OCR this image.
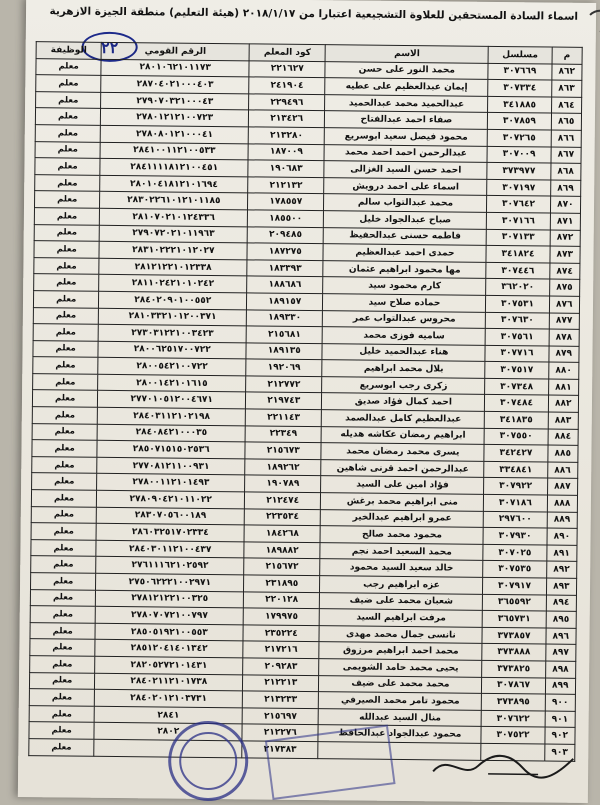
اسماء السادة المستحقين للعلاوة التشجيعية اعتبارا من ٢٠١٨/١/١٧ (هيئة التعليم) منطقة الجيزة الازهرية
٢٢	م	مسلسل	الاسم	كود المعلم	الرقم القومي	الوظيفة
٨٦٢	٣٠٧٦٦٩	محمد النور على حسن	٢٢١٦٢٧	٢٨٠١٠٦٢١٠١١٧٣	معلم
٨٦٣	٣٠٧٣٣٤	إيمان عبدالعظيم على عطيه	٢٤١٩٠٤	٢٨٧٠٤٠٢١٠٠٠٤٠٣	معلم
٨٦٤	٣٤١٨٨٥	عبدالحميد محمد عبدالحميد	٢٢٩٤٩٦	٢٧٩٠٧٠٣٢١٠٠٠٤٣	معلم
٨٦٥	٣٠٧٨٥٩	صفاء احمد عبدالفتاح	٢١٣٤٢٦	٢٧٨٠١٢١٢١٠٠٧٢٣	معلم
٨٦٦	٣٠٧٢٦٥	محمود فيصل سعيد ابوسريع	٢١٣٢٨٠	٢٧٨٠٨٠١٢١٠٠٠٤١	معلم
٨٦٧	٣٠٧٠٠٩	عبدالرحمن احمد احمد محمد	١٨٧٠٠٩	٢٨٤١٠٠١١٢١٠٠٥٣٣	معلم
٨٦٨	٣٧٣٩٧٧	احمد حسن السيد الغزالى	١٩٠٦٨٣	٢٨٤١١١١٨١٢١٠٠٤٥١	معلم
٨٦٩	٣٠٧١٩٧	اسماء على احمد درويش	٢١٢١٣٢	٢٨٠١٠٤١٨١٢١٠١٦٩٤	معلم
٨٧٠	٣٠٧٦٤٢	محمد عبدالتواب سالم	١٧٨٥٥٧	٢٨٣٠٢٢٦١٠١٢١٠١١٨٥	معلم
٨٧١	٣٠٧١٦٦	صباح عبدالجواد خليل	١٨٥٥٠٠	٢٨١٠٧٠٢١٠١٢٤٣٣٦	معلم
٨٧٢	٣٠٧١٣٣	فاطمه حسنى عبدالحفيظ	٢٠٩٤٨٥	٢٧٩٠٧٢٠٢١٠١١٩٦٣	معلم
٨٧٣	٣٤١٨٢٤	حمدى احمد عبدالعظيم	١٨٧٢٧٥	٢٨٣١٠٢٢٢١٠١٢٠٢٧	معلم
٨٧٤	٣٠٧٤٤٦	مها محمود ابراهيم عثمان	١٨٣٣٩٣	٢٨١٢١٢٢١٠١٢٣٣٨	معلم
٨٧٥	٣٦٢٠٢٠	كارم محمود سيد	١٨٨٦٨٦	٢٨١١٠٢٤٢١٠١٠٢٤٢	معلم
٨٧٦	٣٠٧٥٣١	حماده صلاح سيد	١٨٩١٥٧	٢٨٤٠٢٠٩٠١٠٠٥٥٢	معلم
٨٧٧	٣٠٧٦٣٠	محروس عبدالتواب عمر	١٨٩٣٣٠	٢٨١٠٣٣٢١٠١٢٠٠٣٧١	معلم
٨٧٨	٣٠٧٥٦١	ساميه فوزى محمد	٢١٥٦٨١	٢٧٣٠٣١٢٢١٠٠٣٤٢٣	معلم
٨٧٩	٣٠٧٧١٦	هناء عبدالحميد خليل	١٨٩١٣٥	٢٨٠٠٦٢٥١٧٠٠٧٢٢	معلم
٨٨٠	٣٠٧٥١٧	بلال محمد ابراهيم	١٩٢٠٦٩	٢٨٠٠٥٤٢١٠٠٧٢٢	معلم
٨٨١	٣٠٧٣٤٨	زكرى رجب ابوسريع	٢١٢٧٧٢	٢٨٠٠١٤٢١٠١٦١٥	معلم
٨٨٢	٣٠٧٤٨٤	احمد كمال فؤاد صديق	٢١٩٧٤٣	٢٧٧٠١٠٥١٢٠٠٤٦٧١	معلم
٨٨٣	٣٤١٨٣٥	عبدالعظيم كامل عبدالصمد	٢٢١١٤٣	٢٨٤٠٣١١٢١٠٢١٩٨	معلم
٨٨٤	٣٠٧٥٥٠	ابراهيم رمضان عكاشه هديله	٢٢٣٤٩	٢٨٤٠٨٤٢١٠٠٠٣٥	معلم
٨٨٥	٣٤٢٤٢٧	يسرى محمد رمضان محمد	٢١٥٦٧٣	٢٨٥٠٧١٥١٥٠٢٥٣٦	معلم
٨٨٦	٣٣٤٨٤١	عبدالرحمن احمد قرنى شاهين	١٨٩٢٦٢	٢٧٧٠٨١٢١١٠٠٩٣١	معلم
٨٨٧	٣٠٧٩٢٢	فؤاد امين على السيد	١٩٠٧٨٩	٢٧٨٠٠١١٢١٠١٤٩٣	معلم
٨٨٨	٣٠٧١٨٦	منى ابراهيم محمد برغش	٢١٢٤٧٤	٢٧٨٠٩٠٤٢١٠١١٠٢٢	معلم
٨٨٩	٢٩٧٦٠٠	عمرو ابراهيم عبدالخير	٢٢٣٥٣٤	٢٨٣٠٧٠٥٦٠٠١٨٩	معلم
٨٩٠	٣٠٧٩٣٠	محمود محمد صالح	١٨٤٢٦٨	٢٨٦٠٣٢٥١٧٠٢٣٣٤	معلم
٨٩١	٣٠٧٠٢٥	محمد السعيد احمد نجم	١٨٩٨٨٢	٢٨٤٠٣٠١١٢١٠٠٤٣٧	معلم
٨٩٢	٣٠٧٥٣٥	خالد سعيد السيد محمود	٢١٥٦٧٢	٢٧٦١١١٦٢١٠٢٥٩٢	معلم
٨٩٣	٣٠٧٩١٧	عزه ابراهيم رجب	٢٣١٨٩٥	٢٧٥٠٦٢٢٢١٠٠٢٩٧١	معلم
٨٩٤	٣٦٥٥٩٢	شعبان محمد على ضيف	٢٢٠١٢٨	٢٧٨١٢١٢٢١٠٠٣٢٥	معلم
٨٩٥	٣٦٥٧٣١	مرفت ابراهيم السيد	١٧٩٩٧٥	٢٧٨٠٧٠٧٢١٠٠٧٩٧	معلم
٨٩٦	٣٧٣٨٥٧	نانسى جمال محمد مهدى	٢٣٥٢٢٤	٢٨٥٠٥١٩٢١٠٠٥٥٣	معلم
٨٩٧	٣٧٣٨٨٨	محمد احمد ابراهيم مرزوق	٢١٧٢١٦	٢٨٥١٢٠٤١٤٠١٣٤٢	معلم
٨٩٨	٣٧٣٨٢٥	يحيى محمد حامد الشويمى	٢٠٩٢٨٣	٢٨٢٠٥٢٧٢١٠١٤٣١	معلم
٨٩٩	٣٠٧٨٦٧	محمد محمد على ضيف	٢١٢٢١٣	٢٨٤٠٢١١٢١٠١٧٣٨	معلم
٩٠٠	٣٧٣٨٩٥	محمود تامر محمد الصيرفي	٢١٣٢٣٣	٢٨٤٠٢٠١٢١٠٣٧٣١	معلم
٩٠١	٣٠٧٦٢٢	منال السيد عبدالله	٢١٥٦٩٧	٢٨٤١	معلم
٩٠٢	٣٠٧٥٢٢	محمود عبدالجواد عبدالحافظ	٢١٢٢٧٦	٢٨٠٢	معلم
٩٠٣			٢١٧٣٨٣		معلم
